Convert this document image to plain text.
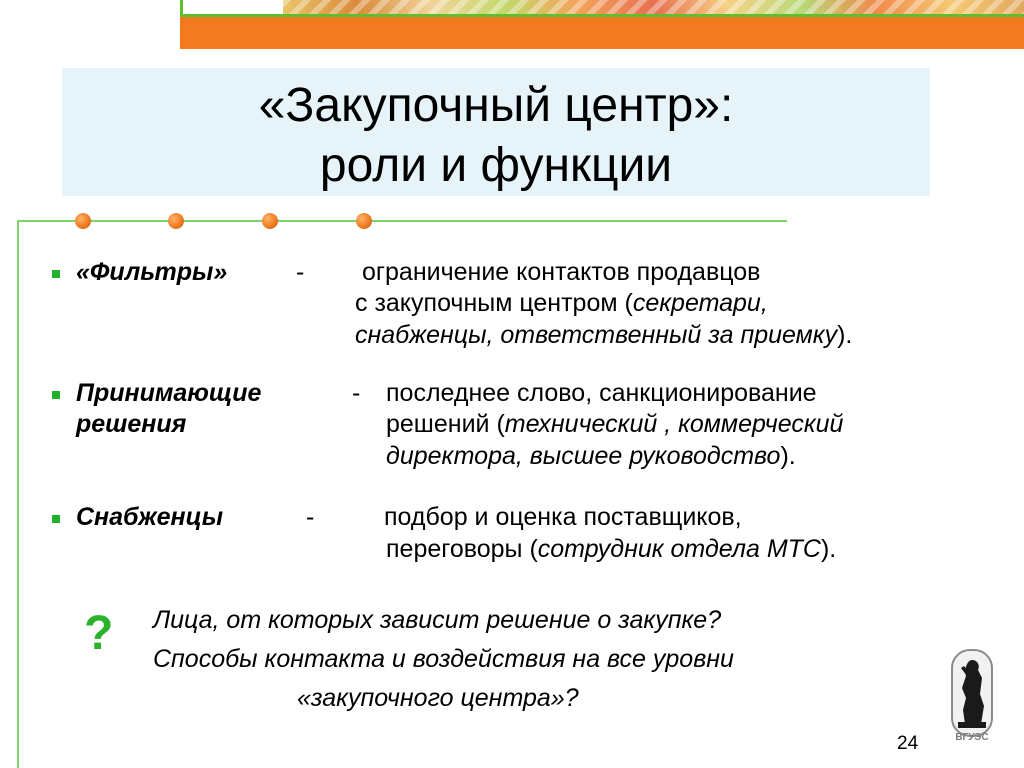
«Закупочный центр»:
роли и функции
«Фильтры»	- ограничение контактов продавцов
с закупочным центром (секретари,
снабженцы, ответственный за приемку).
Принимающие
решения
- последнее слово, санкционирование
решений (технический , коммерческий
директора, высшее руководство).
Снабженцы	-	подбор и оценка поставщиков,
переговоры (сотрудник отдела МТС).
? Лица, от которых зависит решение о закупке?
Способы контакта и воздействия на все уровни
«закупочного центра»?
ВГУЭС
24
